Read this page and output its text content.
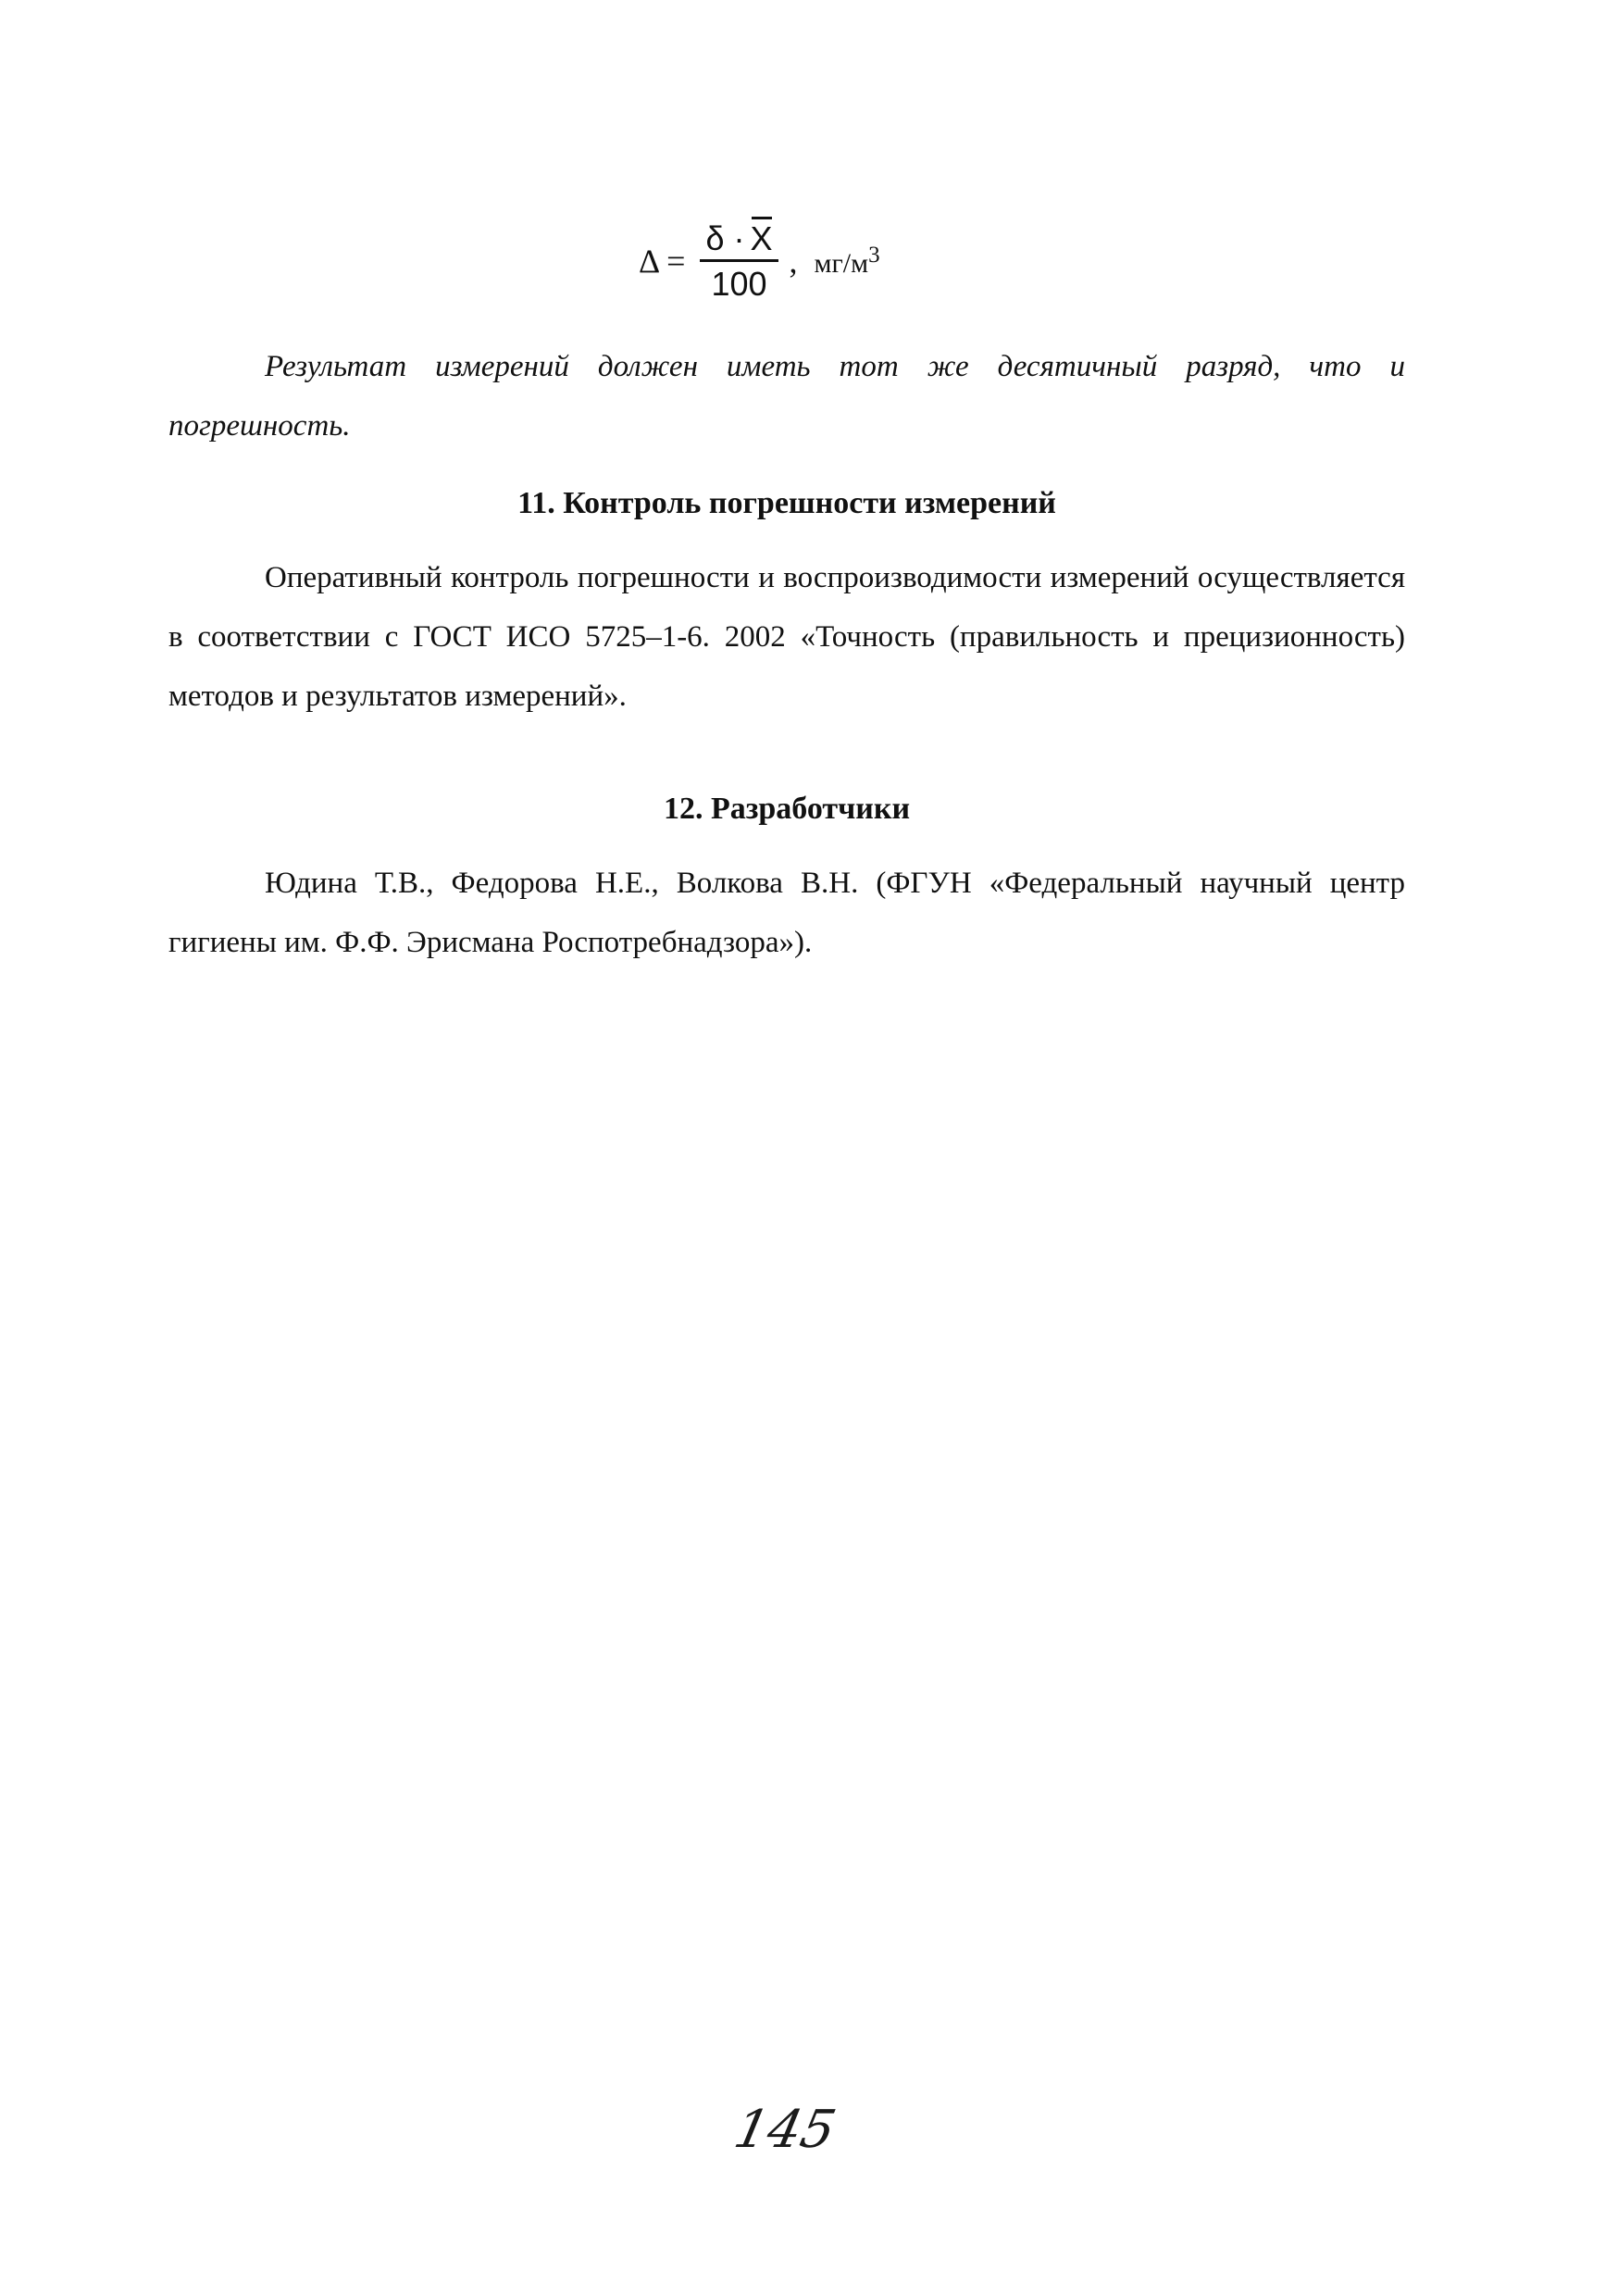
$\Delta = \frac{\delta \cdot X}{100}$ , $мг/м^3$

Результат измерений должен иметь тот же десятичный разряд, что и погрешность.

11. Контроль погрешности измерений

Оперативный контроль погрешности и воспроизводимости измерений осуществляется в соответствии с ГОСТ ИСО 5725–1-6. 2002 «Точность (правильность и прецизионность) методов и результатов измерений».

12. Разработчики

Юдина Т.В., Федорова Н.Е., Волкова В.Н. (ФГУН «Федеральный научный центр гигиены им. Ф.Ф. Эрисмана Роспотребнадзора»).

145
